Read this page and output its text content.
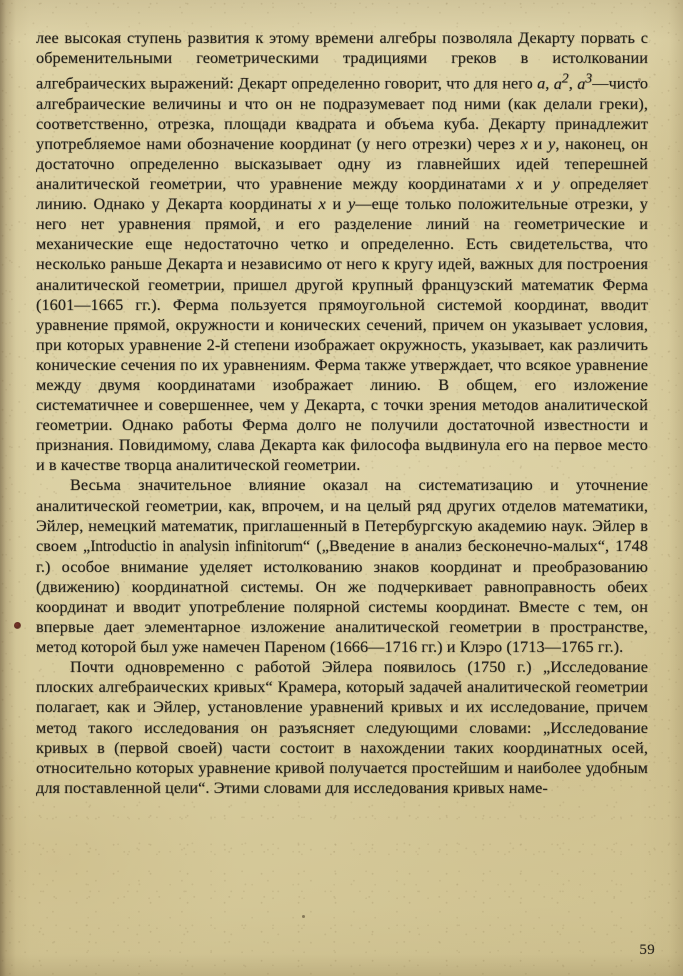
лее высокая ступень развития к этому времени алгебры позволяла Декарту порвать с обременительными геометрическими традициями греков в истолковании алгебраических выражений: Декарт определенно говорит, что для него a, $a^2$, $a^3—чисто$ алгебраические величины и что он не подразумевает под ними (как делали греки), соответственно, отрезка, площади квадрата и объема куба. Декарту принадлежит употребляемое нами обозначение координат (у него отрезки) через x и y, наконец, он достаточно определенно высказывает одну из главнейших идей теперешней аналитической геометрии, что уравнение между координатами x и y определяет линию. Однако у Декарта координаты x и y—еще только положительные отрезки, у него нет уравнения прямой, и его разделение линий на геометрические и механические еще недостаточно четко и определенно. Есть свидетельства, что несколько раньше Декарта и независимо от него к кругу идей, важных для построения аналитической геометрии, пришел другой крупный французский математик Ферма (1601—1665 гг.). Ферма пользуется прямоугольной системой координат, вводит уравнение прямой, окружности и конических сечений, причем он указывает условия, при которых уравнение 2-й степени изображает окружность, указывает, как различить конические сечения по их уравнениям. Ферма также утверждает, что всякое уравнение между двумя координатами изображает линию. В общем, его изложение систематичнее и совершеннее, чем у Декарта, с точки зрения методов аналитической геометрии. Однако работы Ферма долго не получили достаточной известности и признания. Повидимому, слава Декарта как философа выдвинула его на первое место и в качестве творца аналитической геометрии.

Весьма значительное влияние оказал на систематизацию и уточнение аналитической геометрии, как, впрочем, и на целый ряд других отделов математики, Эйлер, немецкий математик, приглашенный в Петербургскую академию наук. Эйлер в своем „Introductio in analysin infinitorum“ („Введение в анализ бесконечно-малых“, 1748 г.) особое внимание уделяет истолкованию знаков координат и преобразованию (движению) координатной системы. Он же подчеркивает равноправность обеих координат и вводит употребление полярной системы координат. Вместе с тем, он впервые дает элементарное изложение аналитической геометрии в пространстве, метод которой был уже намечен Пареном (1666—1716 гг.) и Клэро (1713—1765 гг.).

Почти одновременно с работой Эйлера появилось (1750 г.) „Исследование плоских алгебраических кривых“ Крамера, который задачей аналитической геометрии полагает, как и Эйлер, установление уравнений кривых и их исследование, причем метод такого исследования он разъясняет следующими словами: „Исследование кривых в (первой своей) части состоит в нахождении таких координатных осей, относительно которых уравнение кривой получается простейшим и наиболее удобным для поставленной цели“. Этими словами для исследования кривых наме-

59
